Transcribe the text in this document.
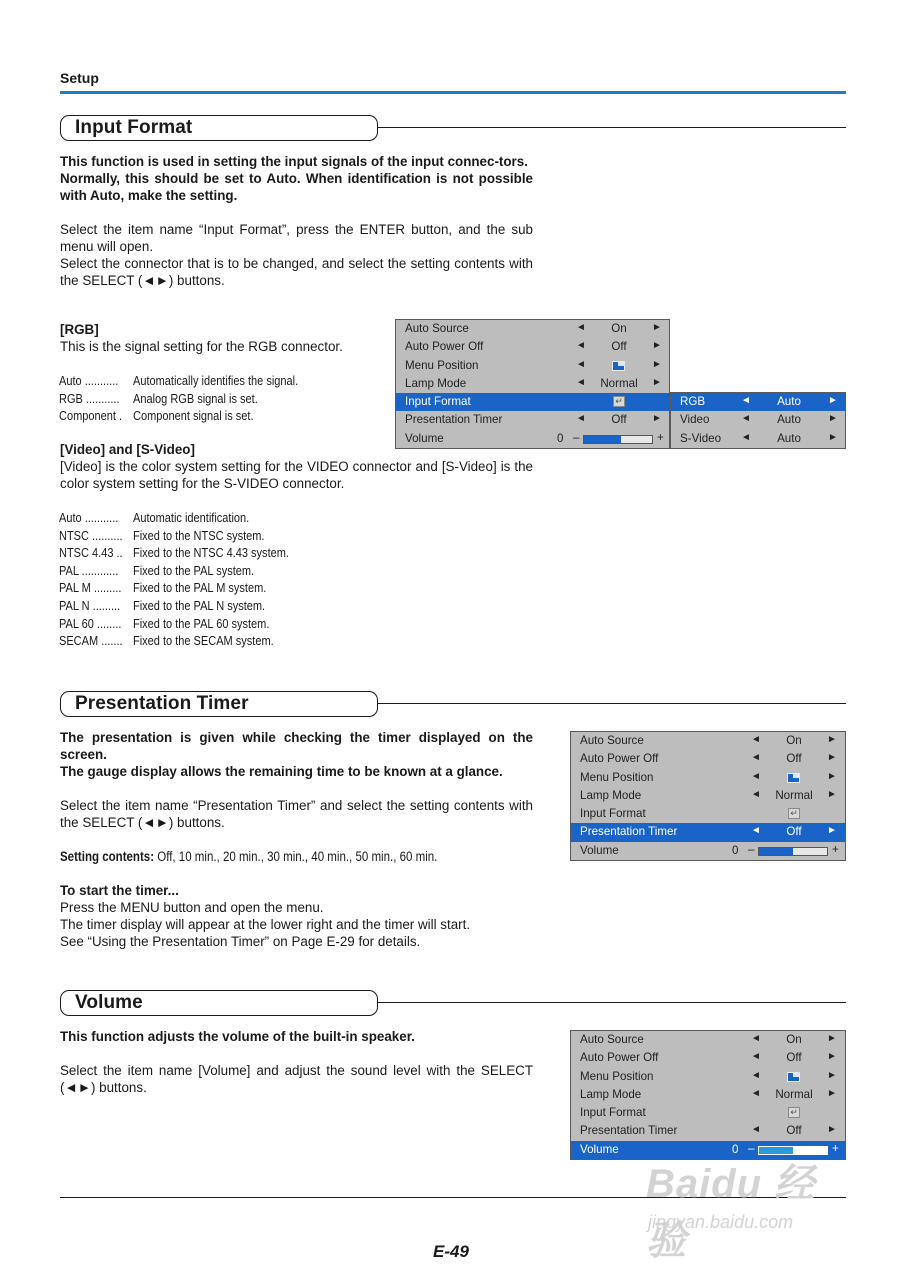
Setup
Input Format

This function is used in setting the input signals of the input connec-tors.

Normally, this should be set to Auto. When identification is not possible with Auto, make the setting.

Select the item name “Input Format”, press the ENTER button, and the sub menu will open.

Select the connector that is to be changed, and select the setting contents with the SELECT (◄►) buttons.

[RGB]

This is the signal setting for the RGB connector.

Auto ...........	Automatically identifies the signal.
RGB ...........	Analog RGB signal is set.
Component . Component signal is set.

[Video] and [S-Video]

[Video] is the color system setting for the VIDEO connector and [S-Video] is the color system setting for the S-VIDEO connector.

Auto ...........	Automatic identification.
NTSC .......... Fixed to the NTSC system.
NTSC 4.43 .. Fixed to the NTSC 4.43 system.
PAL ............	Fixed to the PAL system.
PAL M ......... Fixed to the PAL M system.
PAL N .........	Fixed to the PAL N system.
PAL 60 ........ Fixed to the PAL 60 system.
SECAM ....... Fixed to the SECAM system.
Auto Source	◄	On	►
Auto Power Off	◄	Off	►
Menu Position	◄	►
Lamp Mode	◄	Normal	►
Input Format	↵
Presentation Timer	◄	Off	►
Volume	0 –	+
RGB	◄	Auto	►
Video	◄	Auto	►
S-Video ◄	Auto	►
Presentation Timer

The presentation is given while checking the timer displayed on the screen.

The gauge display allows the remaining time to be known at a glance.

Select the item name “Presentation Timer” and select the setting contents with the SELECT (◄►) buttons.

Setting contents: Off, 10 min., 20 min., 30 min., 40 min., 50 min., 60 min.

To start the timer...

Press the MENU button and open the menu.

The timer display will appear at the lower right and the timer will start.

See “Using the Presentation Timer” on Page E-29 for details.

Auto Source	◄	On	►
Auto Power Off	◄	Off	►
Menu Position	◄	►
Lamp Mode	◄	Normal	►
Input Format	↵
Presentation Timer	◄	Off	►
Volume	0 –	+
Volume

This function adjusts the volume of the built-in speaker.

Select the item name [Volume] and adjust the sound level with the SELECT (◄►) buttons.

Auto Source	◄	On	►
Auto Power Off	◄	Off	►
Menu Position	◄	►
Lamp Mode	◄	Normal	►
Input Format	↵
Presentation Timer	◄	Off	►
Volume	0 –	+
E-49
Baidu 经验
jingyan.baidu.com
